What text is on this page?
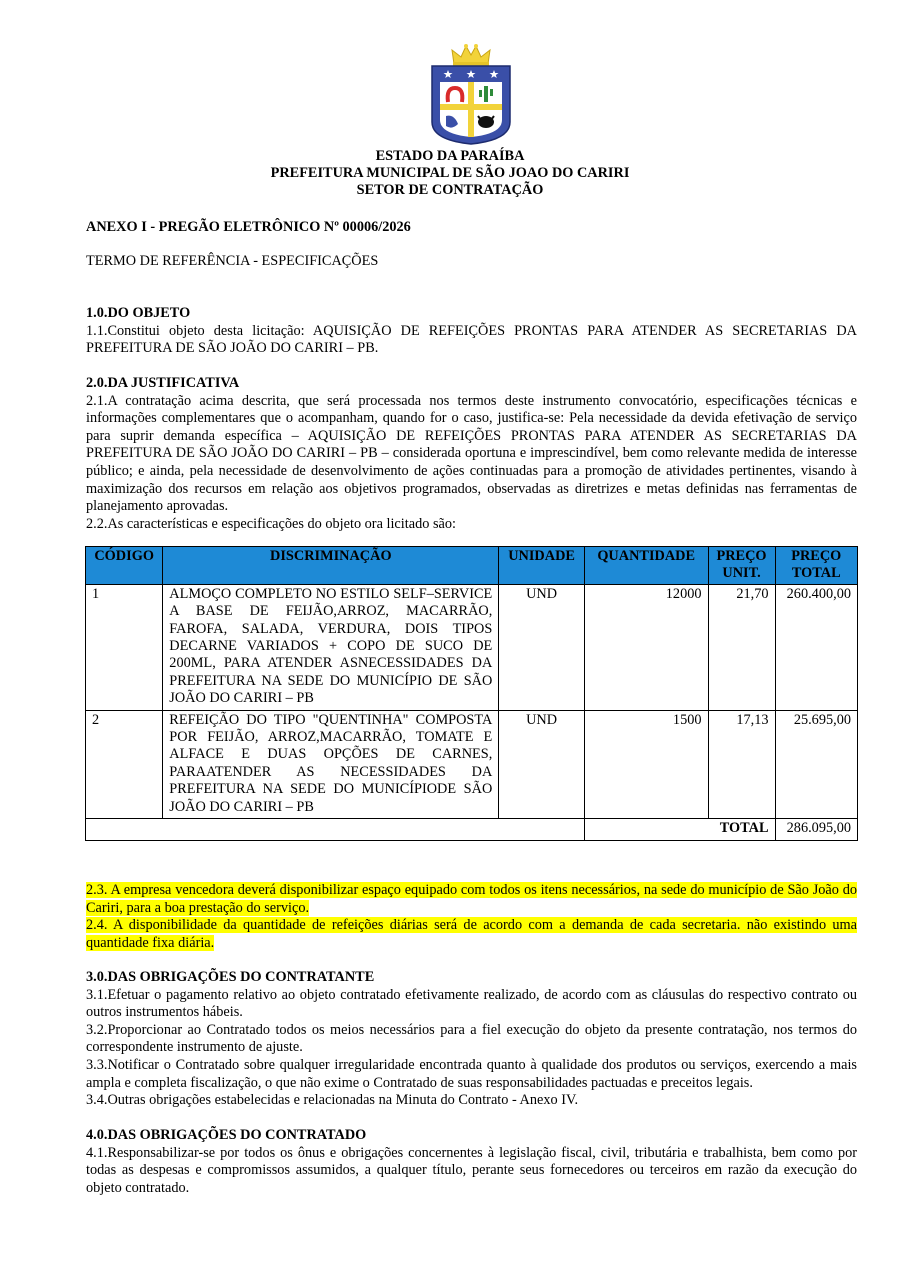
ESTADO DA PARAÍBA
PREFEITURA MUNICIPAL DE SÃO JOAO DO CARIRI
SETOR DE CONTRATAÇÃO
ANEXO I - PREGÃO ELETRÔNICO Nº 00006/2026
TERMO DE REFERÊNCIA - ESPECIFICAÇÕES

1.0.DO OBJETO

1.1.Constitui objeto desta licitação: AQUISIÇÃO DE REFEIÇÕES PRONTAS PARA ATENDER AS SECRETARIAS DA PREFEITURA DE SÃO JOÃO DO CARIRI – PB.

2.0.DA JUSTIFICATIVA

2.1.A contratação acima descrita, que será processada nos termos deste instrumento convocatório, especificações técnicas e informações complementares que o acompanham, quando for o caso, justifica-se: Pela necessidade da devida efetivação de serviço para suprir demanda específica – AQUISIÇÃO DE REFEIÇÕES PRONTAS PARA ATENDER AS SECRETARIAS DA PREFEITURA DE SÃO JOÃO DO CARIRI – PB – considerada oportuna e imprescindível, bem como relevante medida de interesse público; e ainda, pela necessidade de desenvolvimento de ações continuadas para a promoção de atividades pertinentes, visando à maximização dos recursos em relação aos objetivos programados, observadas as diretrizes e metas definidas nas ferramentas de planejamento aprovadas.

2.2.As características e especificações do objeto ora licitado são:

CÓDIGO	DISCRIMINAÇÃO	UNIDADE	QUANTIDADE	PREÇO UNIT.	PREÇO TOTAL
1	ALMOÇO COMPLETO NO ESTILO SELF–SERVICE A BASE DE FEIJÃO,ARROZ, MACARRÃO, FAROFA, SALADA, VERDURA, DOIS TIPOS DECARNE VARIADOS + COPO DE SUCO DE 200ML, PARA ATENDER ASNECESSIDADES DA PREFEITURA NA SEDE DO MUNICÍPIO DE SÃO JOÃO DO CARIRI – PB	UND	12000	21,70	260.400,00
2	REFEIÇÃO DO TIPO "QUENTINHA" COMPOSTA POR FEIJÃO, ARROZ,MACARRÃO, TOMATE E ALFACE E DUAS OPÇÕES DE CARNES, PARAATENDER AS NECESSIDADES DA PREFEITURA NA SEDE DO MUNICÍPIODE SÃO JOÃO DO CARIRI – PB	UND	1500	17,13	25.695,00
			TOTAL		286.095,00

2.3. A empresa vencedora deverá disponibilizar espaço equipado com todos os itens necessários, na sede do município de São João do Cariri, para a boa prestação do serviço.

2.4. A disponibilidade da quantidade de refeições diárias será de acordo com a demanda de cada secretaria. não existindo uma quantidade fixa diária.

3.0.DAS OBRIGAÇÕES DO CONTRATANTE

3.1.Efetuar o pagamento relativo ao objeto contratado efetivamente realizado, de acordo com as cláusulas do respectivo contrato ou outros instrumentos hábeis.

3.2.Proporcionar ao Contratado todos os meios necessários para a fiel execução do objeto da presente contratação, nos termos do correspondente instrumento de ajuste.

3.3.Notificar o Contratado sobre qualquer irregularidade encontrada quanto à qualidade dos produtos ou serviços, exercendo a mais ampla e completa fiscalização, o que não exime o Contratado de suas responsabilidades pactuadas e preceitos legais.

3.4.Outras obrigações estabelecidas e relacionadas na Minuta do Contrato - Anexo IV.

4.0.DAS OBRIGAÇÕES DO CONTRATADO

4.1.Responsabilizar-se por todos os ônus e obrigações concernentes à legislação fiscal, civil, tributária e trabalhista, bem como por todas as despesas e compromissos assumidos, a qualquer título, perante seus fornecedores ou terceiros em razão da execução do objeto contratado.
